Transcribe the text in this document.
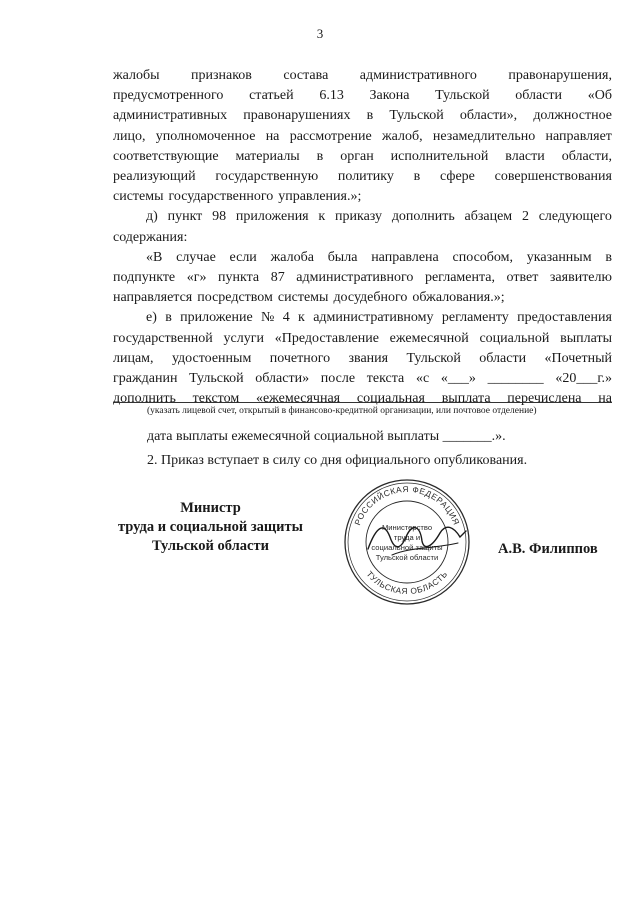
3
жалобы признаков состава административного правонарушения,
предусмотренного статьей 6.13 Закона Тульской области «Об
административных правонарушениях в Тульской области», должностное
лицо, уполномоченное на рассмотрение жалоб, незамедлительно направляет
соответствующие материалы в орган исполнительной власти области,
реализующий государственную политику в сфере совершенствования
системы государственного управления.»;
д) пункт 98 приложения к приказу дополнить абзацем 2 следующего
содержания:
«В случае если жалоба была направлена способом, указанным в
подпункте «г» пункта 87 административного регламента, ответ заявителю
направляется посредством системы досудебного обжалования.»;
е) в приложение № 4 к административному регламенту предоставления
государственной услуги «Предоставление ежемесячной социальной выплаты
лицам, удостоенным почетного звания Тульской области «Почетный
гражданин Тульской области» после текста «с «___» ________ «20___г.»
дополнить текстом «ежемесячная социальная выплата перечислена на
(указать лицевой счет, открытый в финансово-кредитной организации, или почтовое отделение)
дата выплаты ежемесячной социальной выплаты _______.».
2. Приказ вступает в силу со дня официального опубликования.
Министр
труда и социальной защиты
Тульской области
РОССИЙСКАЯ ФЕДЕРАЦИЯ
ТУЛЬСКАЯ ОБЛАСТЬ
Министерство
труда и
социальной защиты
Тульской области
А.В. Филиппов
